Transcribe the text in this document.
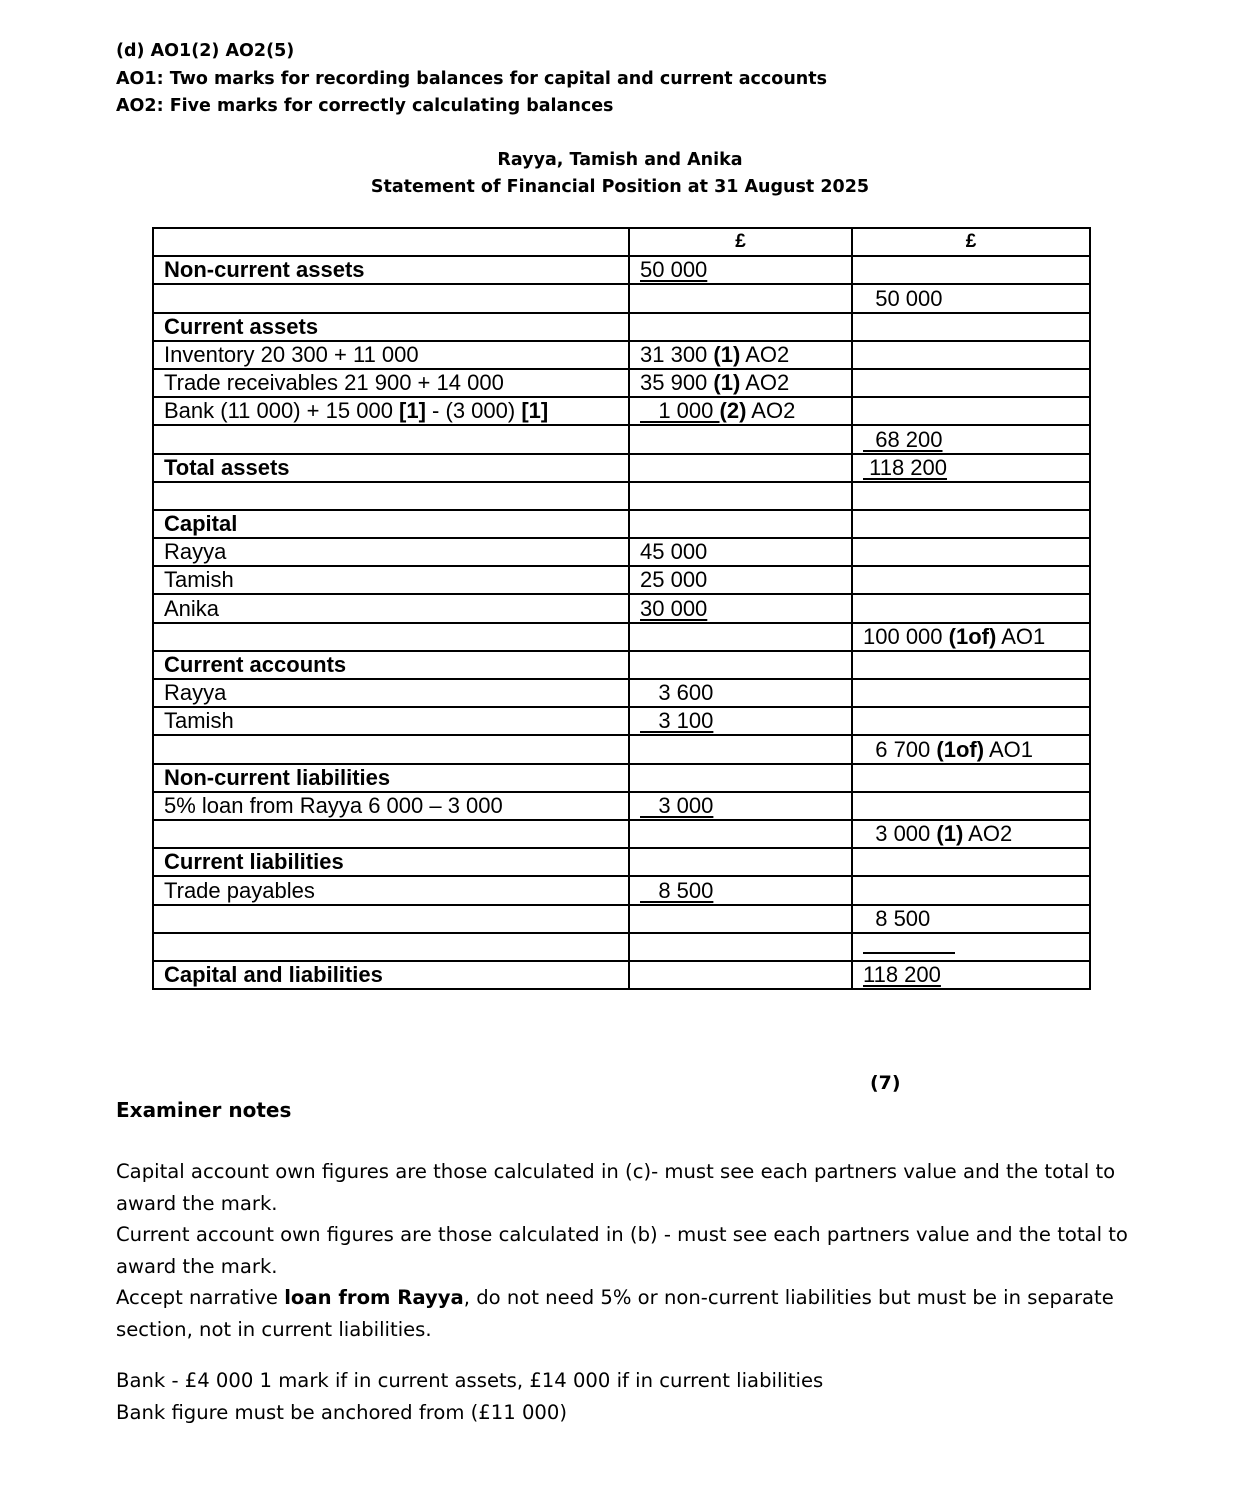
(d) AO1(2) AO2(5)
AO1: Two marks for recording balances for capital and current accounts
AO2: Five marks for correctly calculating balances
Rayya, Tamish and Anika
Statement of Financial Position at 31 August 2025
	£	£
Non-current assets	50 000	
		50 000
Current assets		
Inventory 20 300 + 11 000	31 300 (1) AO2	
Trade receivables 21 900 + 14 000	35 900 (1) AO2	
Bank (11 000) + 15 000 [1] - (3 000) [1]	1 000 (2) AO2	
		68 200
Total assets		118 200

Capital		
Rayya	45 000	
Tamish	25 000	
Anika	30 000	
		100 000 (1of) AO1
Current accounts		
Rayya	3 600	
Tamish	3 100	
		6 700 (1of) AO1
Non-current liabilities		
5% loan from Rayya 6 000 – 3 000	3 000	
		3 000 (1) AO2
Current liabilities		
Trade payables	8 500	
		8 500

Capital and liabilities		118 200
(7)
Examiner notes

Capital account own figures are those calculated in (c)- must see each partners value and the total to award the mark.

Current account own figures are those calculated in (b) - must see each partners value and the total to award the mark.

Accept narrative loan from Rayya, do not need 5% or non-current liabilities but must be in separate section, not in current liabilities.

Bank - £4 000 1 mark if in current assets, £14 000 if in current liabilities

Bank figure must be anchored from (£11 000)
